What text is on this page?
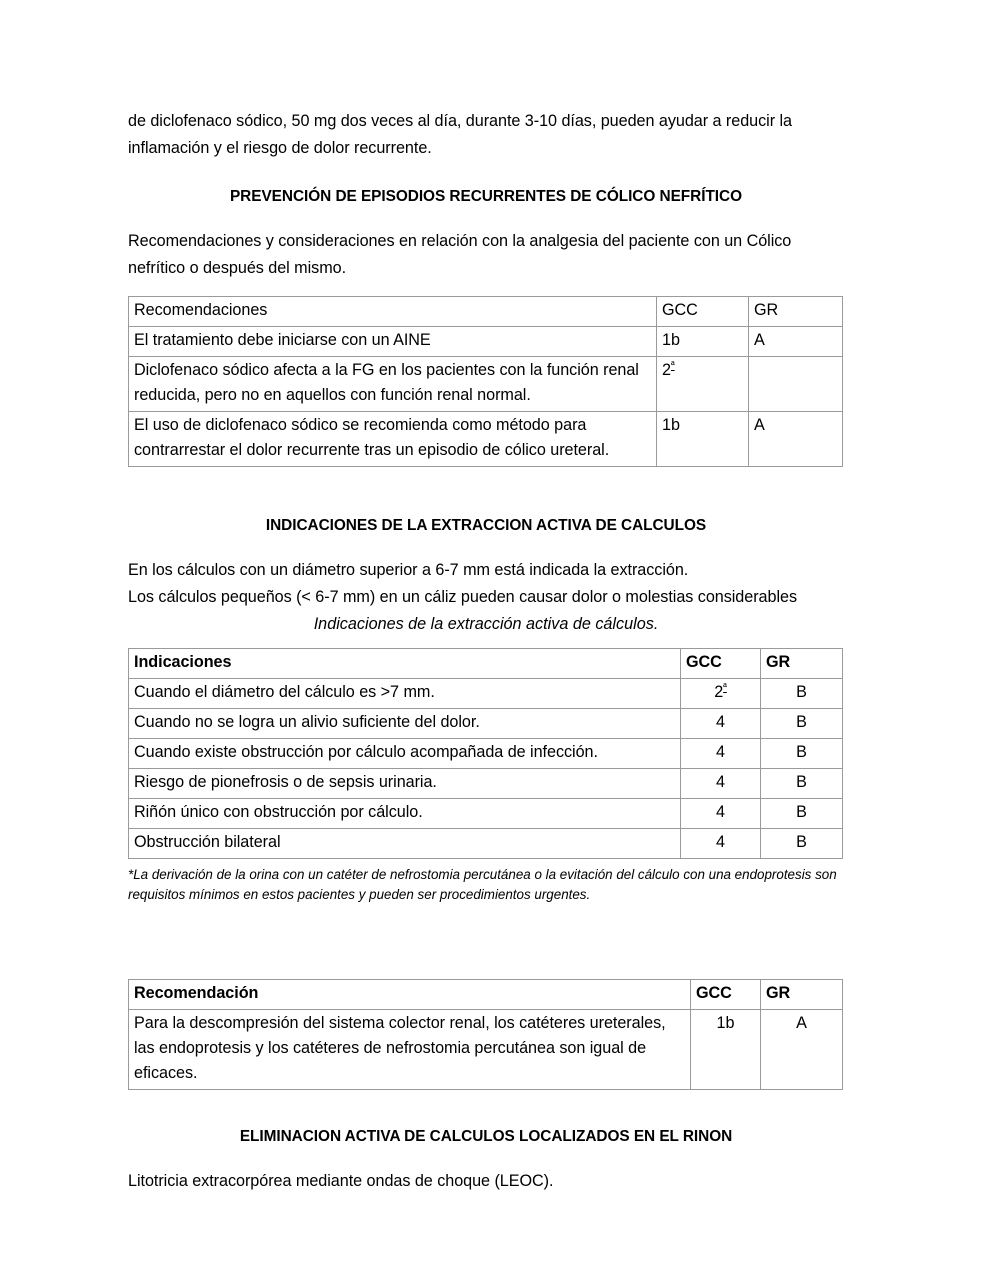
de diclofenaco sódico, 50 mg dos veces al día, durante 3-10 días, pueden ayudar a reducir la inflamación y el riesgo de dolor recurrente.

PREVENCIÓN DE EPISODIOS RECURRENTES DE CÓLICO NEFRÍTICO

Recomendaciones y consideraciones en relación con la analgesia del paciente con un Cólico nefrítico o después del mismo.

Recomendaciones	GCC	GR
El tratamiento debe iniciarse con un AINE	1b	A
Diclofenaco sódico afecta a la FG en los pacientes con la función renal reducida, pero no en aquellos con función renal normal.	$2^ª$	
El uso de diclofenaco sódico se recomienda como método para contrarrestar el dolor recurrente tras un episodio de cólico ureteral.	1b	A

INDICACIONES DE LA EXTRACCION ACTIVA DE CALCULOS

En los cálculos con un diámetro superior a 6-7 mm está indicada la extracción.

Los cálculos pequeños (< 6-7 mm) en un cáliz pueden causar dolor o molestias considerables

Indicaciones de la extracción activa de cálculos.

Indicaciones	GCC	GR
Cuando el diámetro del cálculo es >7 mm.	$2^ª$	B
Cuando no se logra un alivio suficiente del dolor.	4	B
Cuando existe obstrucción por cálculo acompañada de infección.	4	B
Riesgo de pionefrosis o de sepsis urinaria.	4	B
Riñón único con obstrucción por cálculo.	4	B
Obstrucción bilateral	4	B

*La derivación de la orina con un catéter de nefrostomia percutánea o la evitación del cálculo con una endoprotesis son requisitos mínimos en estos pacientes y pueden ser procedimientos urgentes.

Recomendación	GCC	GR
Para la descompresión del sistema colector renal, los catéteres ureterales, las endoprotesis y los catéteres de nefrostomia percutánea son igual de eficaces.	1b	A

ELIMINACION ACTIVA DE CALCULOS LOCALIZADOS EN EL RINON

Litotricia extracorpórea mediante ondas de choque (LEOC).
